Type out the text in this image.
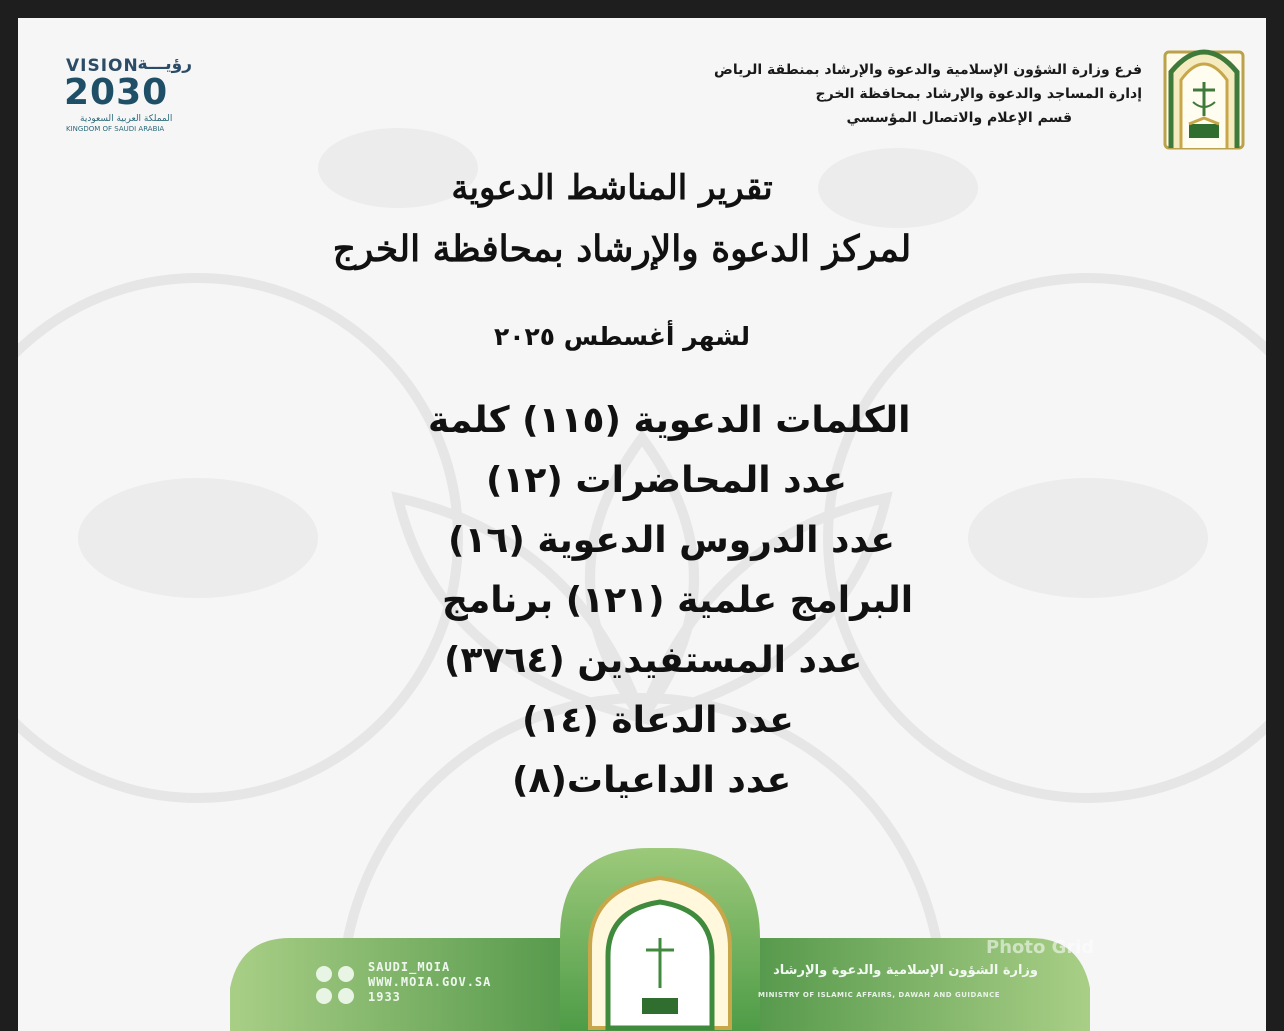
VISION
رؤيـــة
2030
المملكة العربية السعودية
KINGDOM OF SAUDI ARABIA
فرع وزارة الشؤون الإسلامية والدعوة والإرشاد بمنطقة الرياض
إدارة المساجد والدعوة والإرشاد بمحافظة الخرج
قسم الإعلام والاتصال المؤسسي
تقرير المناشط الدعوية
لمركز الدعوة والإرشاد بمحافظة الخرج
لشهر أغسطس ٢٠٢٥
الكلمات الدعوية (١١٥) كلمة
عدد المحاضرات (١٢)
عدد الدروس الدعوية (١٦)
البرامج علمية (١٢١) برنامج
عدد المستفيدين (٣٧٦٤)
عدد الدعاة (١٤)
عدد الداعيات(٨)
SAUDI_MOIA
WWW.MOIA.GOV.SA
1933
وزارة الشؤون الإسلامية والدعوة والإرشاد
MINISTRY OF ISLAMIC AFFAIRS, DAWAH AND GUIDANCE
Photo Grid
